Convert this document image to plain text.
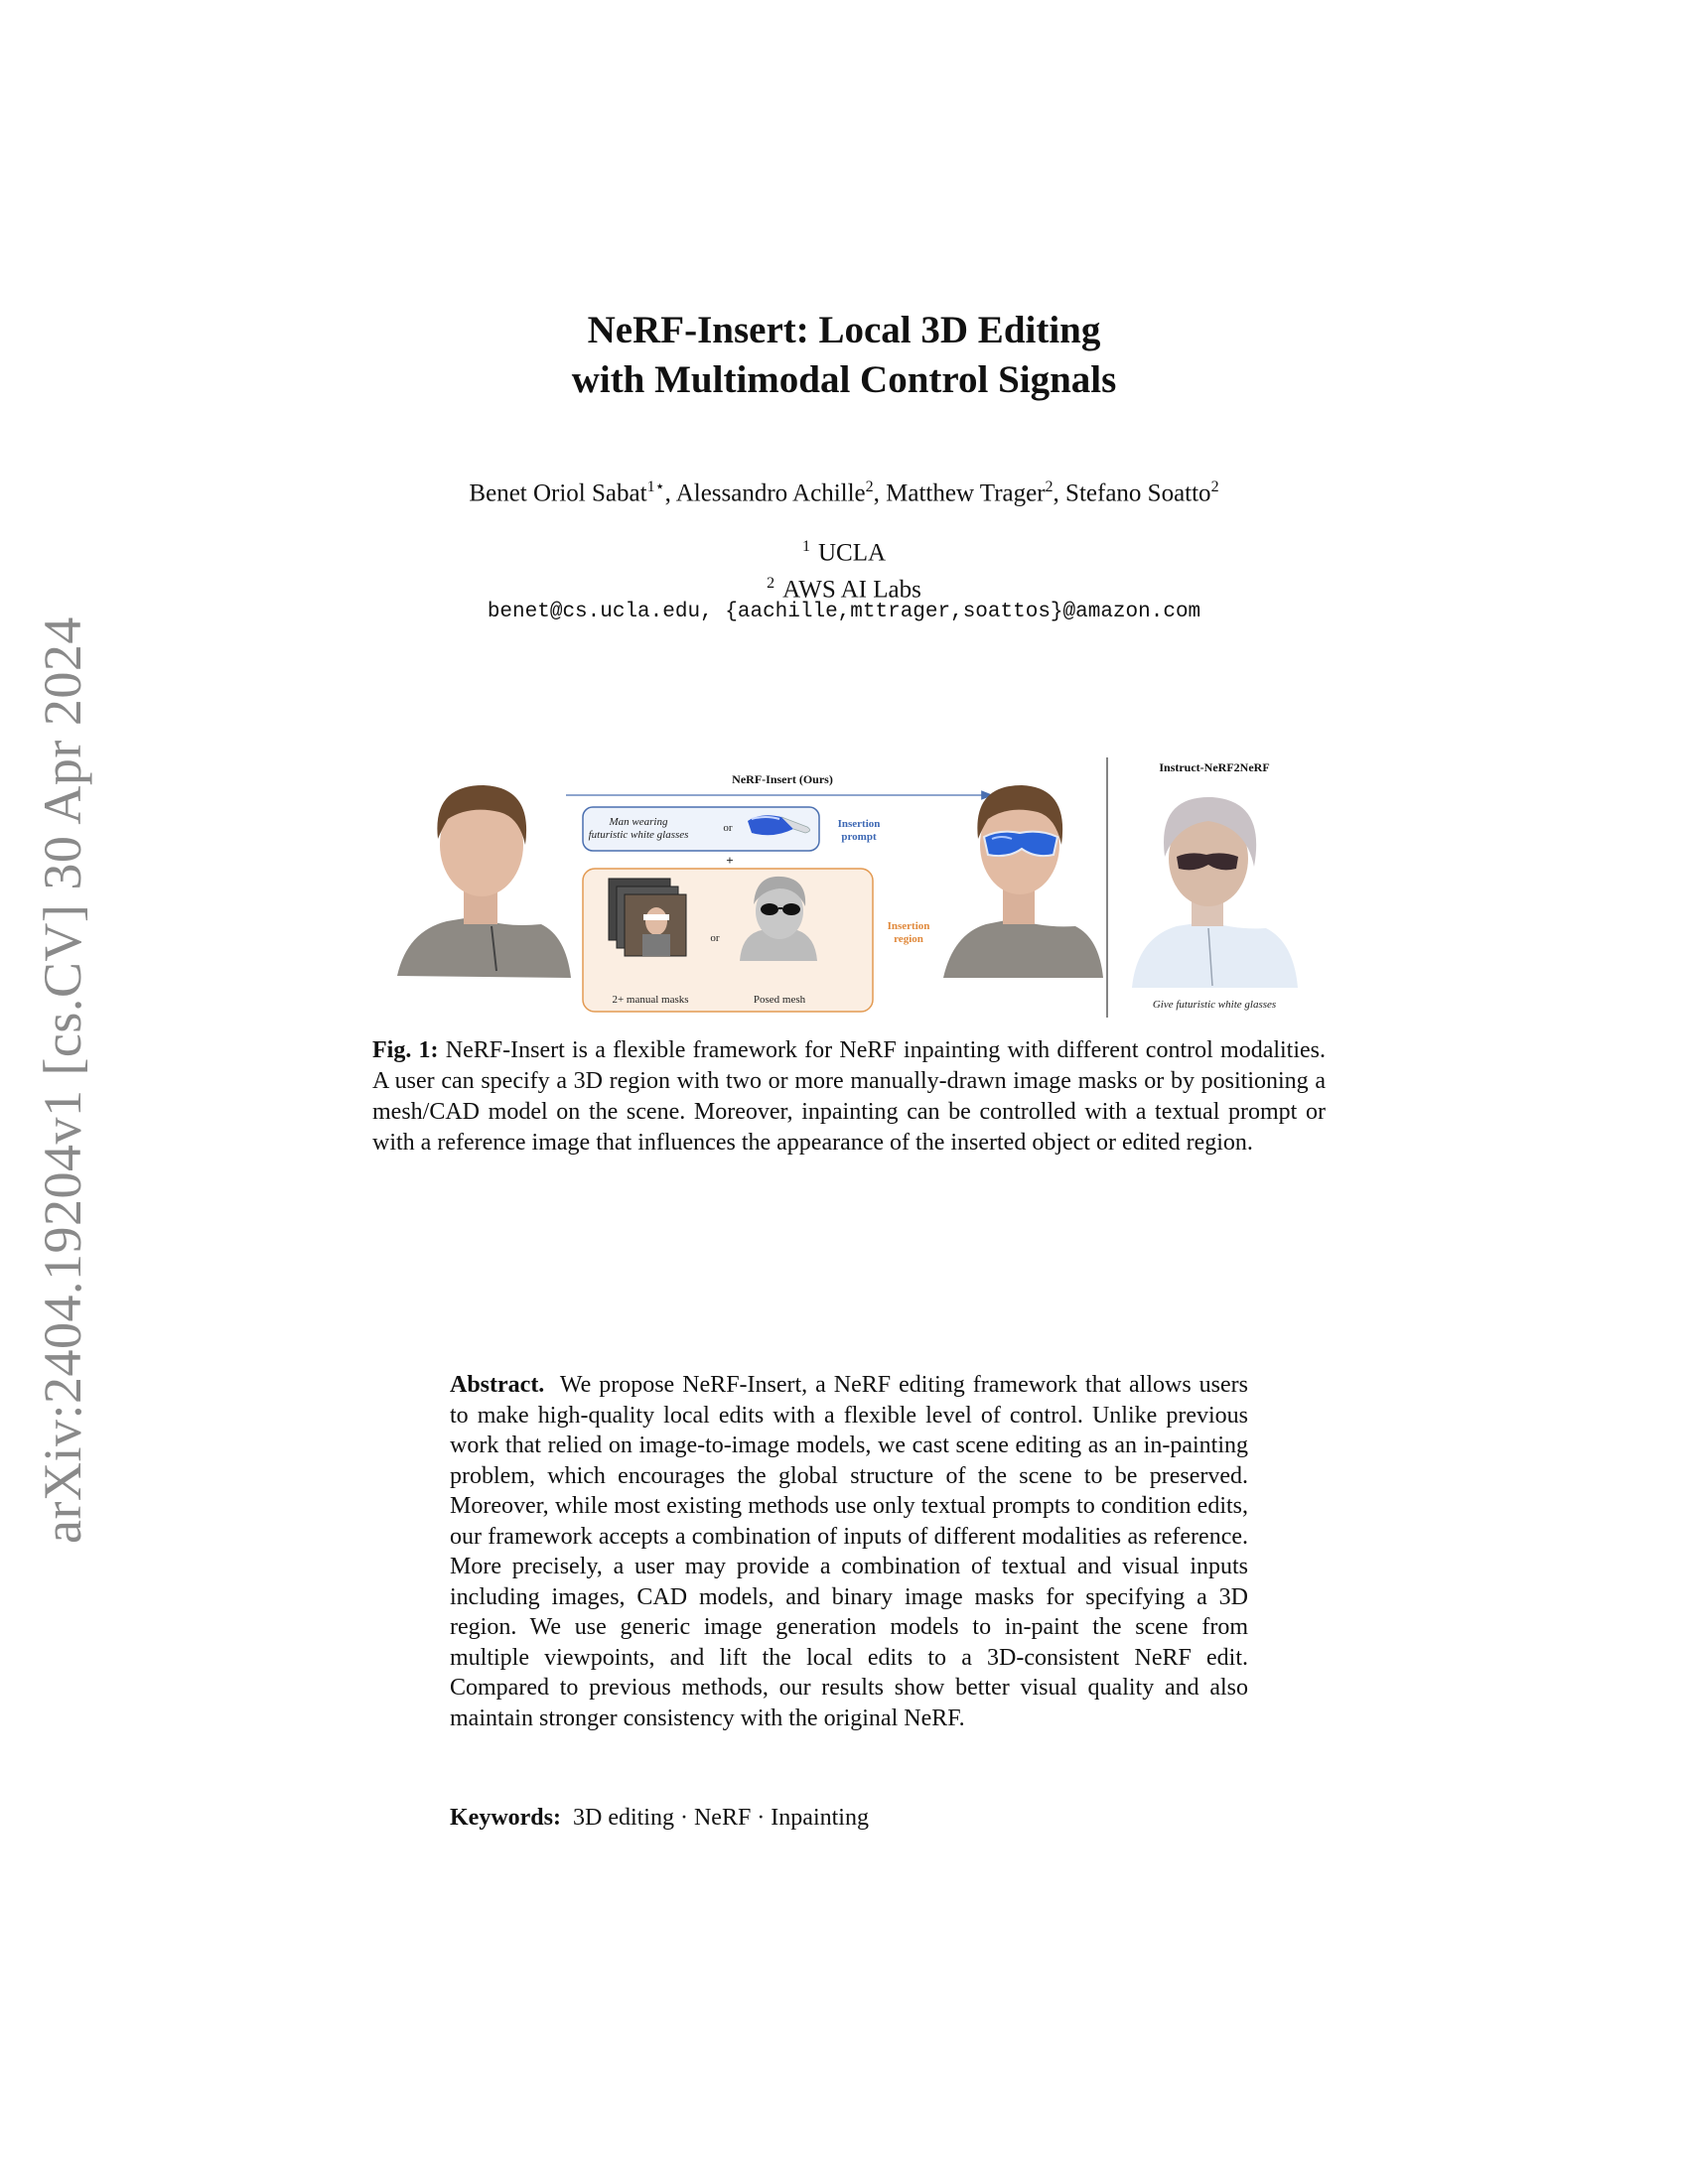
arXiv:2404.19204v1 [cs.CV] 30 Apr 2024
NeRF-Insert: Local 3D Editing
with Multimodal Control Signals
Benet Oriol Sabat$^{1⋆}$, Alessandro Achille$^2$, Matthew Trager$^2$, Stefano Soatto$^2$
$^1$ UCLA
$^2$ AWS AI Labs
benet@cs.ucla.edu, {aachille,mttrager,soattos}@amazon.com
NeRF-Insert (Ours)
Man wearing
futuristic white glasses
or	Insertion
prompt
+
or
2+ manual masks	Posed mesh
Insertion
region
Instruct-NeRF2NeRF
Give futuristic white glasses
Fig. 1: NeRF-Insert is a flexible framework for NeRF inpainting with different control modalities. A user can specify a 3D region with two or more manually-drawn image masks or by positioning a mesh/CAD model on the scene. Moreover, inpainting can be controlled with a textual prompt or with a reference image that influences the appearance of the inserted object or edited region.
Abstract. We propose NeRF-Insert, a NeRF editing framework that allows users to make high-quality local edits with a flexible level of control. Unlike previous work that relied on image-to-image models, we cast scene editing as an in-painting problem, which encourages the global structure of the scene to be preserved. Moreover, while most existing methods use only textual prompts to condition edits, our framework accepts a combination of inputs of different modalities as reference. More precisely, a user may provide a combination of textual and visual inputs including images, CAD models, and binary image masks for specifying a 3D region. We use generic image generation models to in-paint the scene from multiple viewpoints, and lift the local edits to a 3D-consistent NeRF edit. Compared to previous methods, our results show better visual quality and also maintain stronger consistency with the original NeRF.
Keywords: 3D editing · NeRF · Inpainting
